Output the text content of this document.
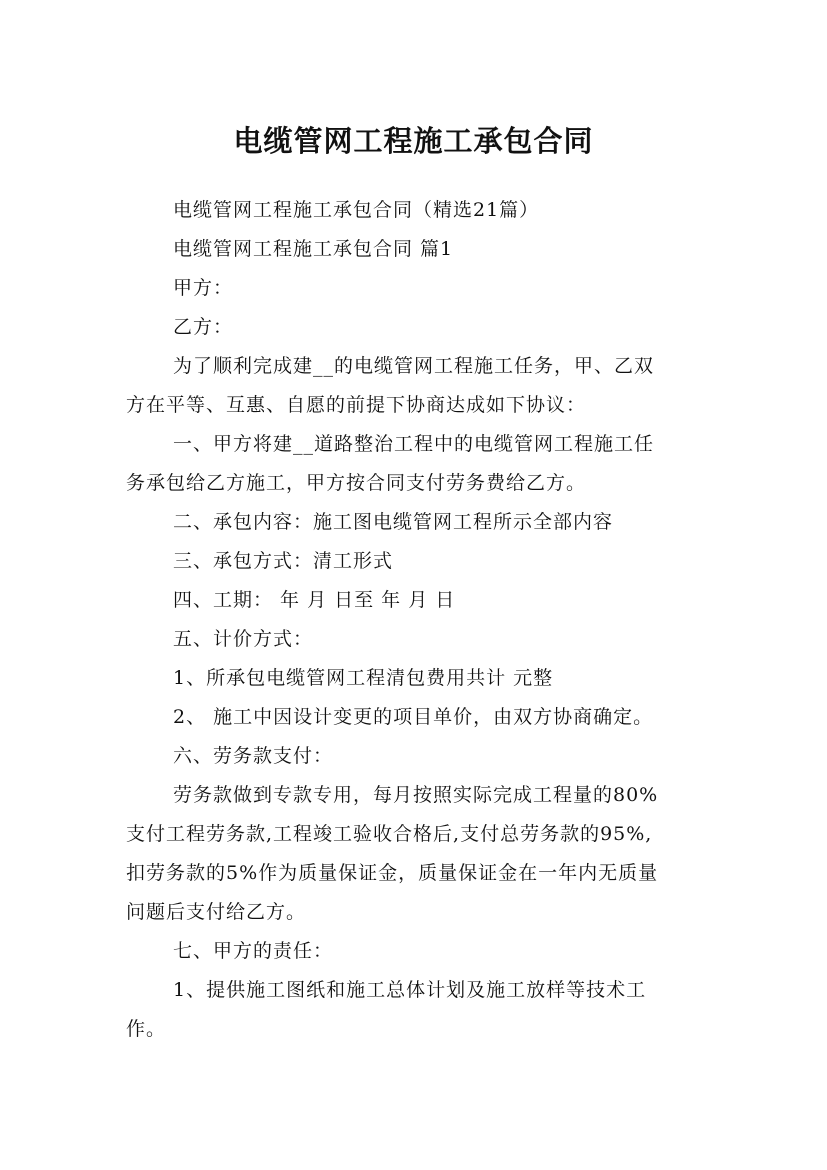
电缆管网工程施工承包合同

电缆管网工程施工承包合同（精选21篇）

电缆管网工程施工承包合同 篇1

甲方：

乙方：

为了顺利完成建__的电缆管网工程施工任务，甲、乙双

方在平等、互惠、自愿的前提下协商达成如下协议：

一、甲方将建__道路整治工程中的电缆管网工程施工任

务承包给乙方施工，甲方按合同支付劳务费给乙方。

二、承包内容：施工图电缆管网工程所示全部内容

三、承包方式：清工形式

四、工期： 年 月 日至 年 月 日

五、计价方式：

1、所承包电缆管网工程清包费用共计 元整

2、 施工中因设计变更的项目单价，由双方协商确定。

六、劳务款支付：

劳务款做到专款专用，每月按照实际完成工程量的80%

支付工程劳务款,工程竣工验收合格后,支付总劳务款的95%,

扣劳务款的5%作为质量保证金，质量保证金在一年内无质量

问题后支付给乙方。

七、甲方的责任：

1、提供施工图纸和施工总体计划及施工放样等技术工

作。
